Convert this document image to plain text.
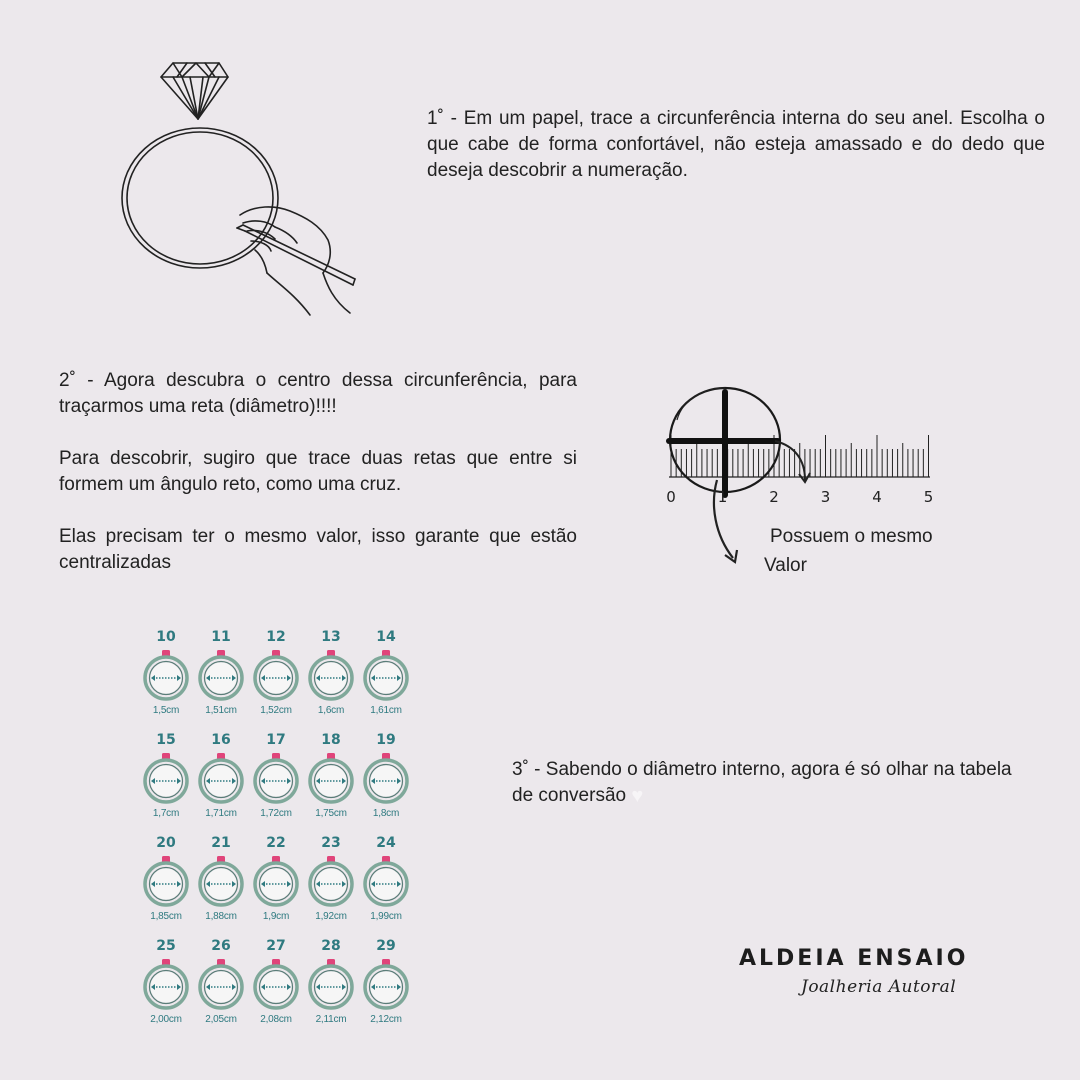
1˚ - Em um papel, trace a circunferência interna do seu anel. Escolha o que cabe de forma confortável, não esteja amassado e do dedo que deseja descobrir a numeração.

2˚ - Agora descubra o centro dessa circunferência, para traçarmos uma reta (diâmetro)!!!!

Para descobrir, sugiro que trace duas retas que entre si formem um ângulo reto, como uma cruz.

Elas precisam ter o mesmo valor, isso garante que estão centralizadas

0	1	2	3	4	5
Possuem o mesmo
Valor
10
1,5cm
11
1,51cm
12
1,52cm
13
1,6cm
14
1,61cm
15
1,7cm
16
1,71cm
17
1,72cm
18
1,75cm
19
1,8cm
20
1,85cm
21
1,88cm
22
1,9cm
23
1,92cm
24
1,99cm
25
2,00cm
26
2,05cm
27
2,08cm
28
2,11cm
29
2,12cm

3˚ - Sabendo o diâmetro interno, agora é só olhar na tabela de conversão ♥

ALDEIA ENSAIO
Joalheria Autoral
